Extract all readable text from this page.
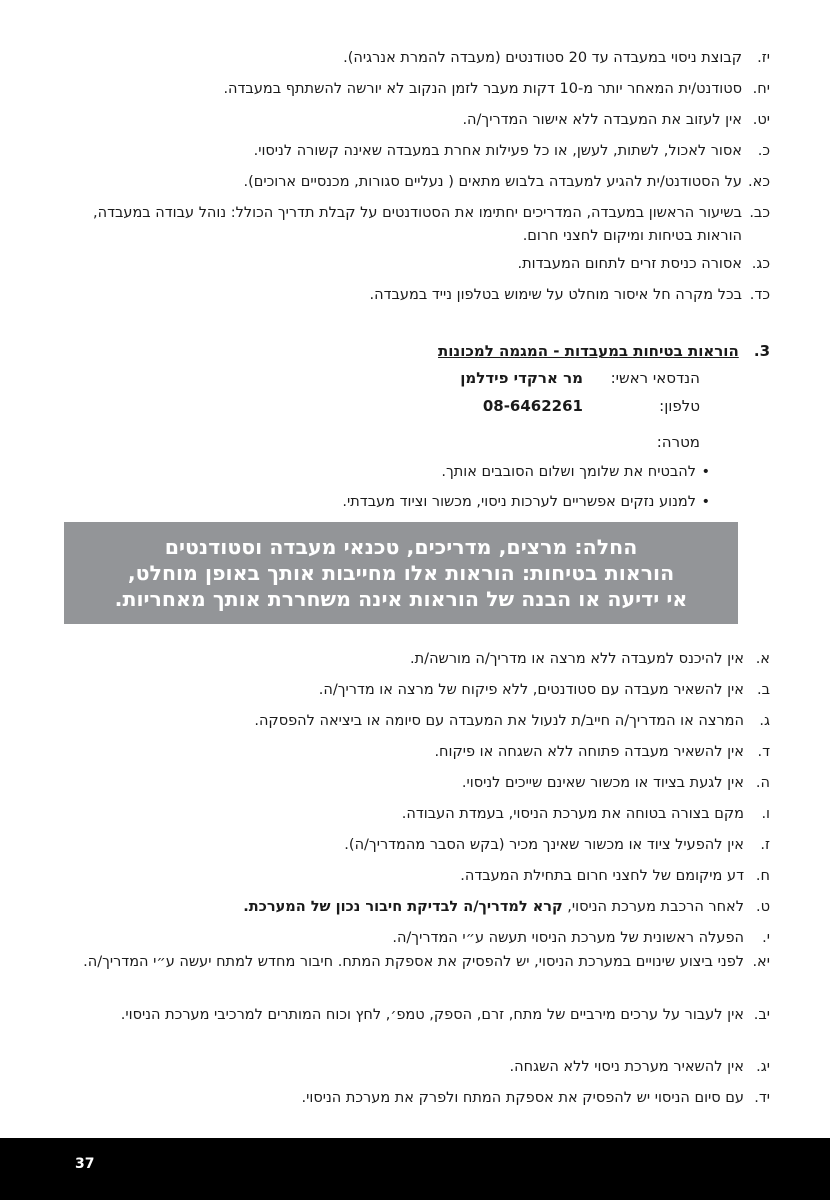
יז.
קבוצת ניסוי במעבדה עד 20 סטודנטים (מעבדה להמרת אנרגיה).
יח.
סטודנט/ית המאחר יותר מ-10 דקות מעבר לזמן הנקוב לא יורשה להשתתף במעבדה.
יט.
אין לעזוב את המעבדה ללא אישור המדריך/ה.
כ.
אסור לאכול, לשתות, לעשן, או כל פעילות אחרת במעבדה שאינה קשורה לניסוי.
כא.
על הסטודנט/ית להגיע למעבדה בלבוש מתאים ( נעליים סגורות, מכנסיים ארוכים).
כב.
בשיעור הראשון במעבדה, המדריכים יחתימו את הסטודנטים על קבלת תדריך הכולל: נוהל עבודה במעבדה, הוראות בטיחות ומיקום לחצני חרום.
כג.
אסורה כניסת זרים לתחום המעבדות.
כד.
בכל מקרה חל איסור מוחלט על שימוש בטלפון נייד במעבדה.
3. הוראות בטיחות במעבדות - המגמה למכונות
הנדסאי ראשי:
מר ארקדי פידלמן
טלפון:
08-6462261
מטרה:
•להבטיח את שלומך ושלום הסובבים אותך.
•למנוע נזקים אפשריים לערכות ניסוי, מכשור וציוד מעבדתי.
החלה: מרצים, מדריכים, טכנאי מעבדה וסטודנטים
הוראות בטיחות: הוראות אלו מחייבות אותך באופן מוחלט,
אי ידיעה או הבנה של הוראות אינה משחררת אותך מאחריות.
א.
אין להיכנס למעבדה ללא מרצה או מדריך/ה מורשה/ת.
ב.
אין להשאיר מעבדה עם סטודנטים, ללא פיקוח של מרצה או מדריך/ה.
ג.
המרצה או המדריך/ה חייב/ת לנעול את המעבדה עם סיומה או ביציאה להפסקה.
ד.
אין להשאיר מעבדה פתוחה ללא השגחה או פיקוח.
ה.
אין לגעת בציוד או מכשור שאינם שייכים לניסוי.
ו.
מקם בצורה בטוחה את מערכת הניסוי, בעמדת העבודה.
ז.
אין להפעיל ציוד או מכשור שאינך מכיר (בקש הסבר מהמדריך/ה).
ח.
דע מיקומם של לחצני חרום בתחילת המעבדה.
ט.
לאחר הרכבת מערכת הניסוי, קרא למדריך/ה לבדיקת חיבור נכון של המערכת.
י.
הפעלה ראשונית של מערכת הניסוי תעשה ע״י המדריך/ה.
יא.
לפני ביצוע שינויים במערכת הניסוי, יש להפסיק את אספקת המתח. חיבור מחדש למתח יעשה ע״י המדריך/ה.
יב.
אין לעבור על ערכים מירביים של מתח, זרם, הספק, טמפ׳, לחץ וכוח המותרים למרכיבי מערכת הניסוי.
יג.
אין להשאיר מערכת ניסוי ללא השגחה.
יד.
עם סיום הניסוי יש להפסיק את אספקת המתח ולפרק את מערכת הניסוי.
37
